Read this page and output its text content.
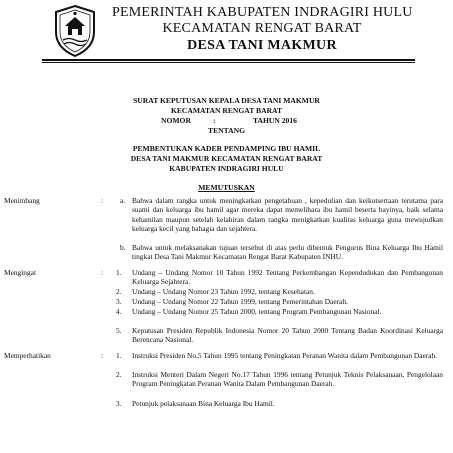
PEMERINTAH KABUPATEN INDRAGIRI HULU
KECAMATAN RENGAT BARAT
DESA TANI MAKMUR
SURAT KEPUTUSAN KEPALA DESA TANI MAKMUR
KECAMATAN RENGAT BARAT
NOMOR	:	TAHUN 2016
TENTANG
PEMBENTUKAN KADER PENDAMPING IBU HAMIL
DESA TANI MAKMUR KECAMATAN RENGAT BARAT
KABUPATEN INDRAGIRI HULU
MEMUTUSKAN
Menimbang	: a. Bahwa dalam rangka untuk meningkatkan pengetahuan , kepedulian dan keikutsertaan terutama para suami dan keluarga ibu hamil agar mereka dapat memelihara ibu hamil beserta bayinya, baik selama kehamilan maupun setelah kelahiran dalam rangka menigkatkan kualitas keluarga guna mewujudkan keluarga kecil yang bahagia dan sejahtera.
b. Bahwa untuk melaksanakan tujuan tersebut di atas perlu dibentuk Pengurus Bina Keluarga Ibu Hamil tingkat Desa Tani Makmur Kecamatan Rengat Barat Kabupaten INHU.
Mengingat	: 1. Undang – Undang Nomor 10 Tahun 1992 Tentang Perkembangan Kependudukan dan Pembangunan Keluarga Sejahtera.
2. Undang – Undang Nomor 23 Tahun 1992, tentang Kesehatan.
3. Undang – Undang Nomor 22 Tahun 1999, tentang Pemerintahan Daerah.
4. Undang – Undang Nomor 25 Tahun 2000, tentang Program Pembangunan Nasional.
5. Keputusan Presiden Republik Indonesia Nomor 20 Tahun 2000 Tentang Badan Koordinasi Keluarga Berencana Nasional.
Memperhatikan	: 1. Instruksi Presiden No.5 Tahun 1995 tentang Peningkatan Peranan Wanita dalam Pembangunan Daerah.
2. Instruksi Menteri Dalam Negeri No.17 Tahun 1996 tentang Petunjuk Teknis Pelaksanaan, Pengelolaan Program Peningkatan Peranan Wanita Dalam Pembangunan Daerah.
3. Petunjuk pelaksanaan Bina Keluarga Ibu Hamil.
